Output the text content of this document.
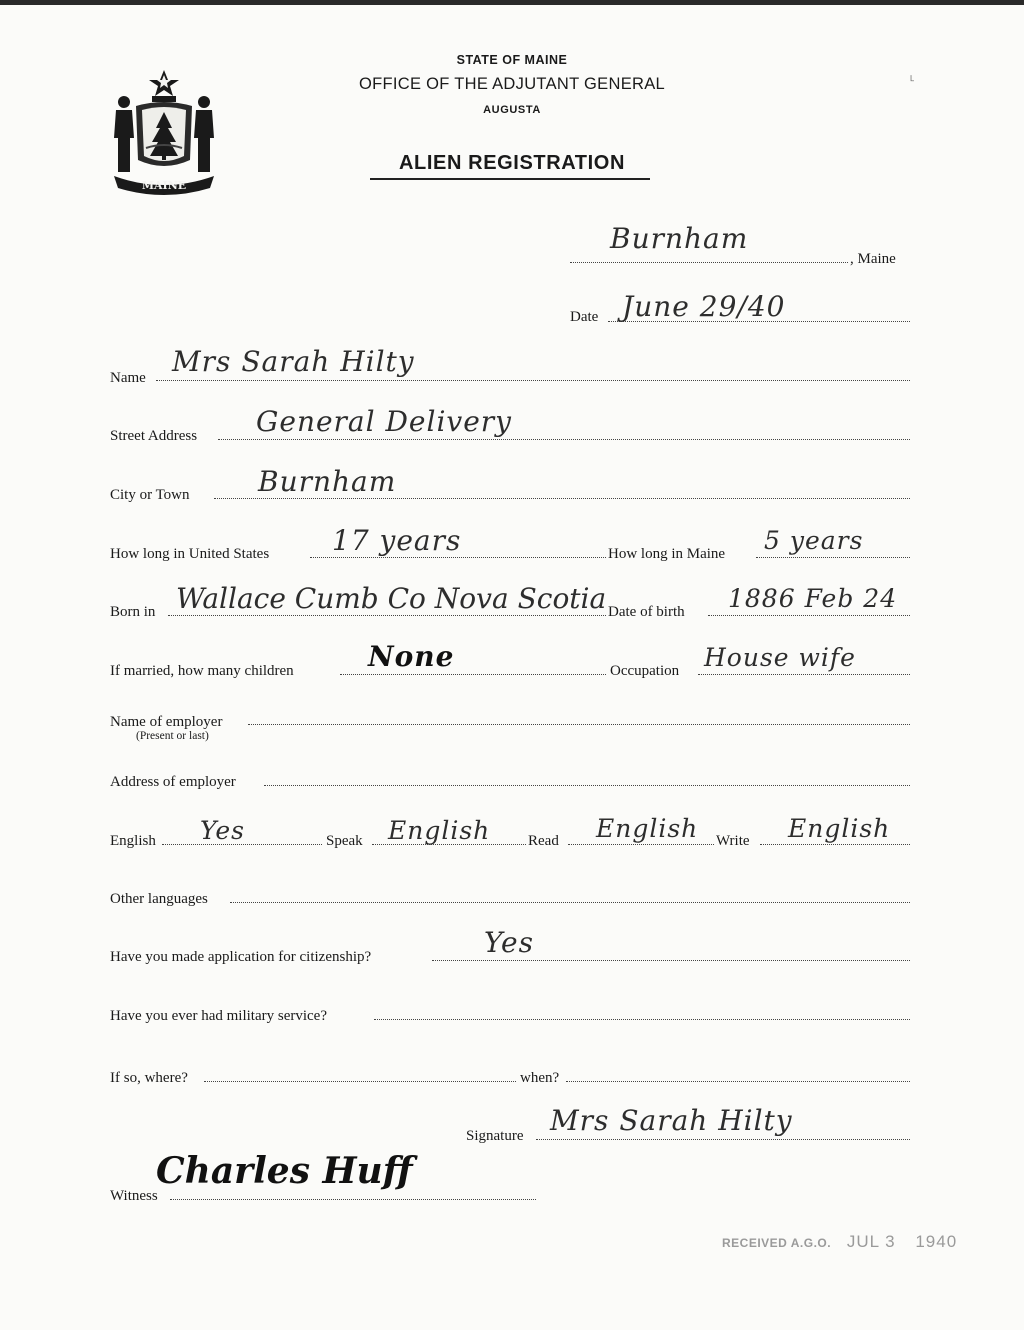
MAINE
STATE OF MAINE
OFFICE OF THE ADJUTANT GENERAL
AUGUSTA
ALIEN REGISTRATION
˪
Burnham
, Maine
Date June 29/40
Name Mrs Sarah Hilty
Street Address General Delivery
City or Town Burnham
How long in United States 17 years	How long in Maine 5 years
Born in Wallace Cumb Co Nova Scotia Date of birth 1886 Feb 24
If married, how many children	None	Occupation House wife
Name of employer
(Present or last)
Address of employer
English Yes	Speak English	Read English Write English
Other languages
Have you made application for citizenship?	Yes
Have you ever had military service?
If so, where?	when?
Signature Mrs Sarah Hilty
Witness
Charles Huff
RECEIVED A.G.O. JUL 3 1940
